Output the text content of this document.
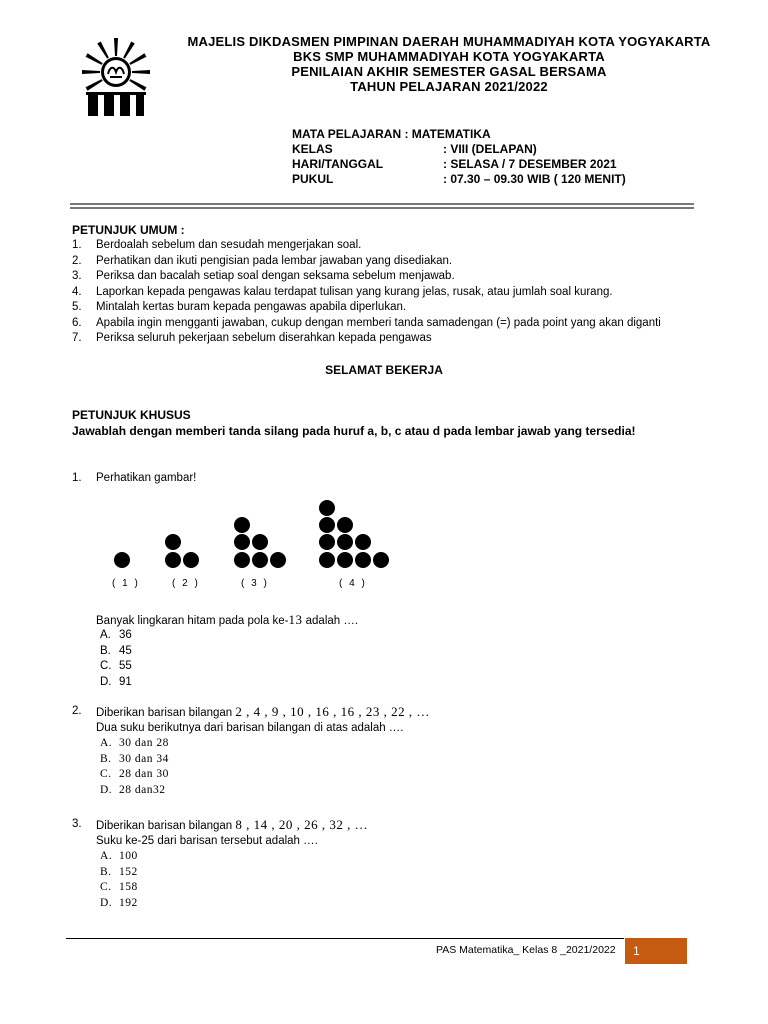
MAJELIS DIKDASMEN PIMPINAN DAERAH MUHAMMADIYAH KOTA YOGYAKARTA
BKS SMP MUHAMMADIYAH KOTA YOGYAKARTA
PENILAIAN AKHIR SEMESTER GASAL BERSAMA
TAHUN PELAJARAN 2021/2022
MATA PELAJARAN : MATEMATIKA
KELAS	: VIII (DELAPAN)
HARI/TANGGAL	: SELASA / 7 DESEMBER 2021
PUKUL	: 07.30 – 09.30 WIB ( 120 MENIT)
PETUNJUK UMUM :
1. Berdoalah sebelum dan sesudah mengerjakan soal.
2. Perhatikan dan ikuti pengisian pada lembar jawaban yang disediakan.
3. Periksa dan bacalah setiap soal dengan seksama sebelum menjawab.
4. Laporkan kepada pengawas kalau terdapat tulisan yang kurang jelas, rusak, atau jumlah soal kurang.
5. Mintalah kertas buram kepada pengawas apabila diperlukan.
6. Apabila ingin mengganti jawaban, cukup dengan memberi tanda samadengan (=) pada point yang akan diganti
7. Periksa seluruh pekerjaan sebelum diserahkan kepada pengawas
SELAMAT BEKERJA
PETUNJUK KHUSUS
Jawablah dengan memberi tanda silang pada huruf a, b, c atau d pada lembar jawab yang tersedia!
1. Perhatikan gambar!
( 1 )	( 2 )	( 3 )	( 4 )
Banyak lingkaran hitam pada pola ke-13 adalah ….
A. 36
B. 45
C. 55
D. 91
2. Diberikan barisan bilangan 2 , 4 , 9 , 10 , 16 , 16 , 23 , 22 , …
Dua suku berikutnya dari barisan bilangan di atas adalah ….
A. 30 dan 28
B. 30 dan 34
C. 28 dan 30
D. 28 dan32
3. Diberikan barisan bilangan 8 , 14 , 20 , 26 , 32 , …
Suku ke-25 dari barisan tersebut adalah ….
A. 100
B. 152
C. 158
D. 192
PAS Matematika_ Kelas 8 _2021/2022 1
